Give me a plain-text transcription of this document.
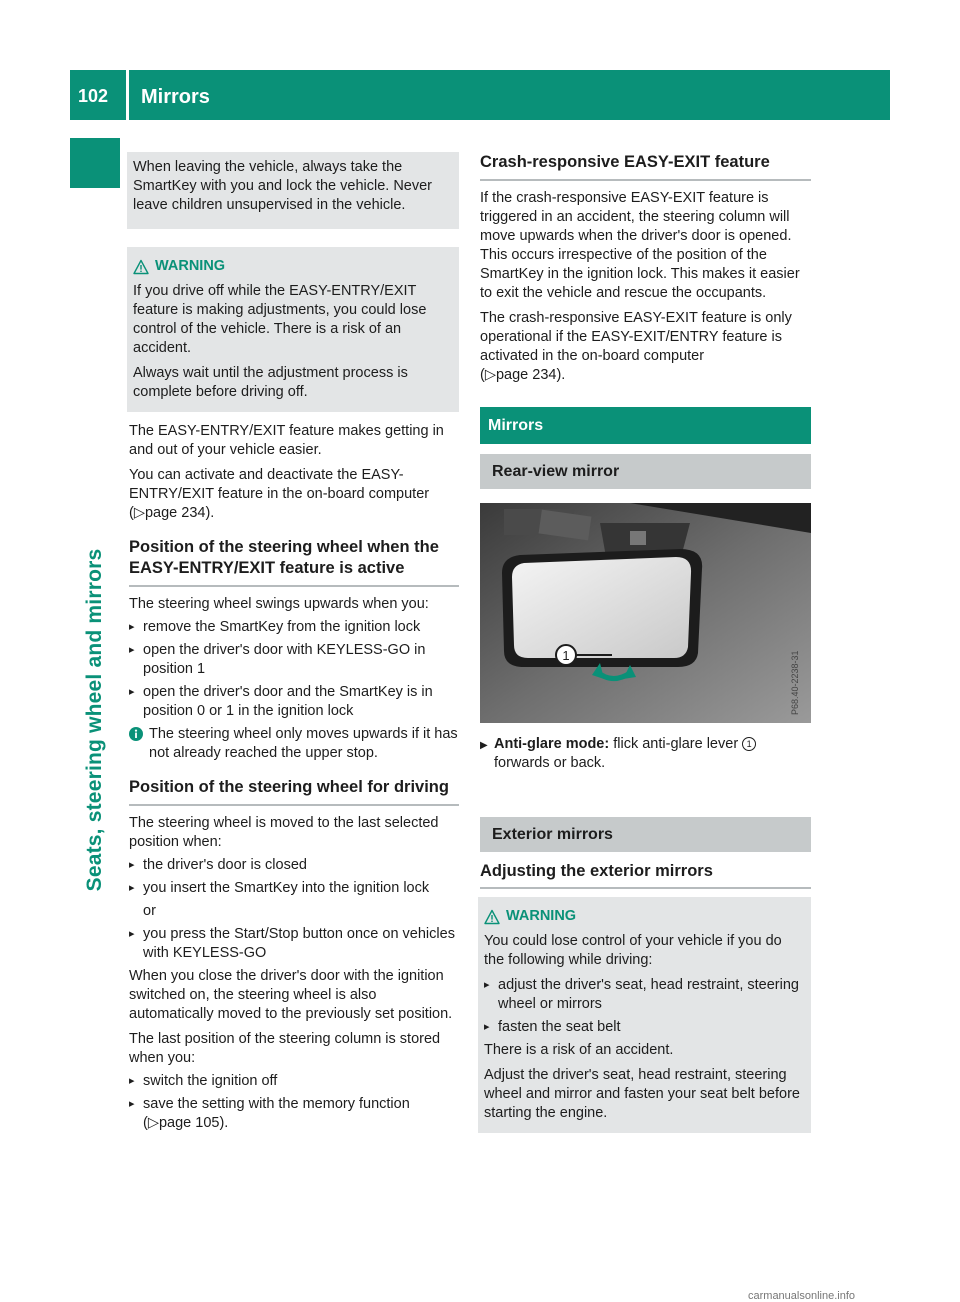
102 Mirrors
Seats, steering wheel and mirrors

When leaving the vehicle, always take the SmartKey with you and lock the vehicle. Never leave children unsupervised in the vehicle.

WARNING

If you drive off while the EASY-ENTRY/EXIT feature is making adjustments, you could lose control of the vehicle. There is a risk of an accident.

Always wait until the adjustment process is complete before driving off.

The EASY-ENTRY/EXIT feature makes getting in and out of your vehicle easier.

You can activate and deactivate the EASY-ENTRY/EXIT feature in the on-board computer
(▷ page 234 ).

Position of the steering wheel when the EASY-ENTRY/EXIT feature is active

The steering wheel swings upwards when you:

▸ remove the SmartKey from the ignition lock
▸ open the driver's door with KEYLESS-GO in position 1
▸ open the driver's door and the SmartKey is in position 0 or 1 in the ignition lock
The steering wheel only moves upwards if it has not already reached the upper stop.
Position of the steering wheel for driving

The steering wheel is moved to the last selected position when:

▸ the driver's door is closed
▸ you insert the SmartKey into the ignition lock

or

▸ you press the Start/Stop button once on vehicles with KEYLESS-GO

When you close the driver's door with the ignition switched on, the steering wheel is also automatically moved to the previously set position.

The last position of the steering column is stored when you:

▸ switch the ignition off
▸ save the setting with the memory function
(▷ page 105 ).
Crash-responsive EASY-EXIT feature

If the crash-responsive EASY-EXIT feature is triggered in an accident, the steering column will move upwards when the driver's door is opened. This occurs irrespective of the position of the SmartKey in the ignition lock. This makes it easier to exit the vehicle and rescue the occupants.

The crash-responsive EASY-EXIT feature is only operational if the EASY-EXIT/ENTRY feature is activated in the on-board computer
(▷ page 234 ).

Mirrors
Rear-view mirror
1	P68.40-2238-31
▶ Anti-glare mode: flick anti-glare lever 1 forwards or back.
Exterior mirrors
Adjusting the exterior mirrors
WARNING

You could lose control of your vehicle if you do the following while driving:

▸ adjust the driver's seat, head restraint, steering wheel or mirrors
▸ fasten the seat belt

There is a risk of an accident.

Adjust the driver's seat, head restraint, steering wheel and mirror and fasten your seat belt before starting the engine.

carmanualsonline.info
